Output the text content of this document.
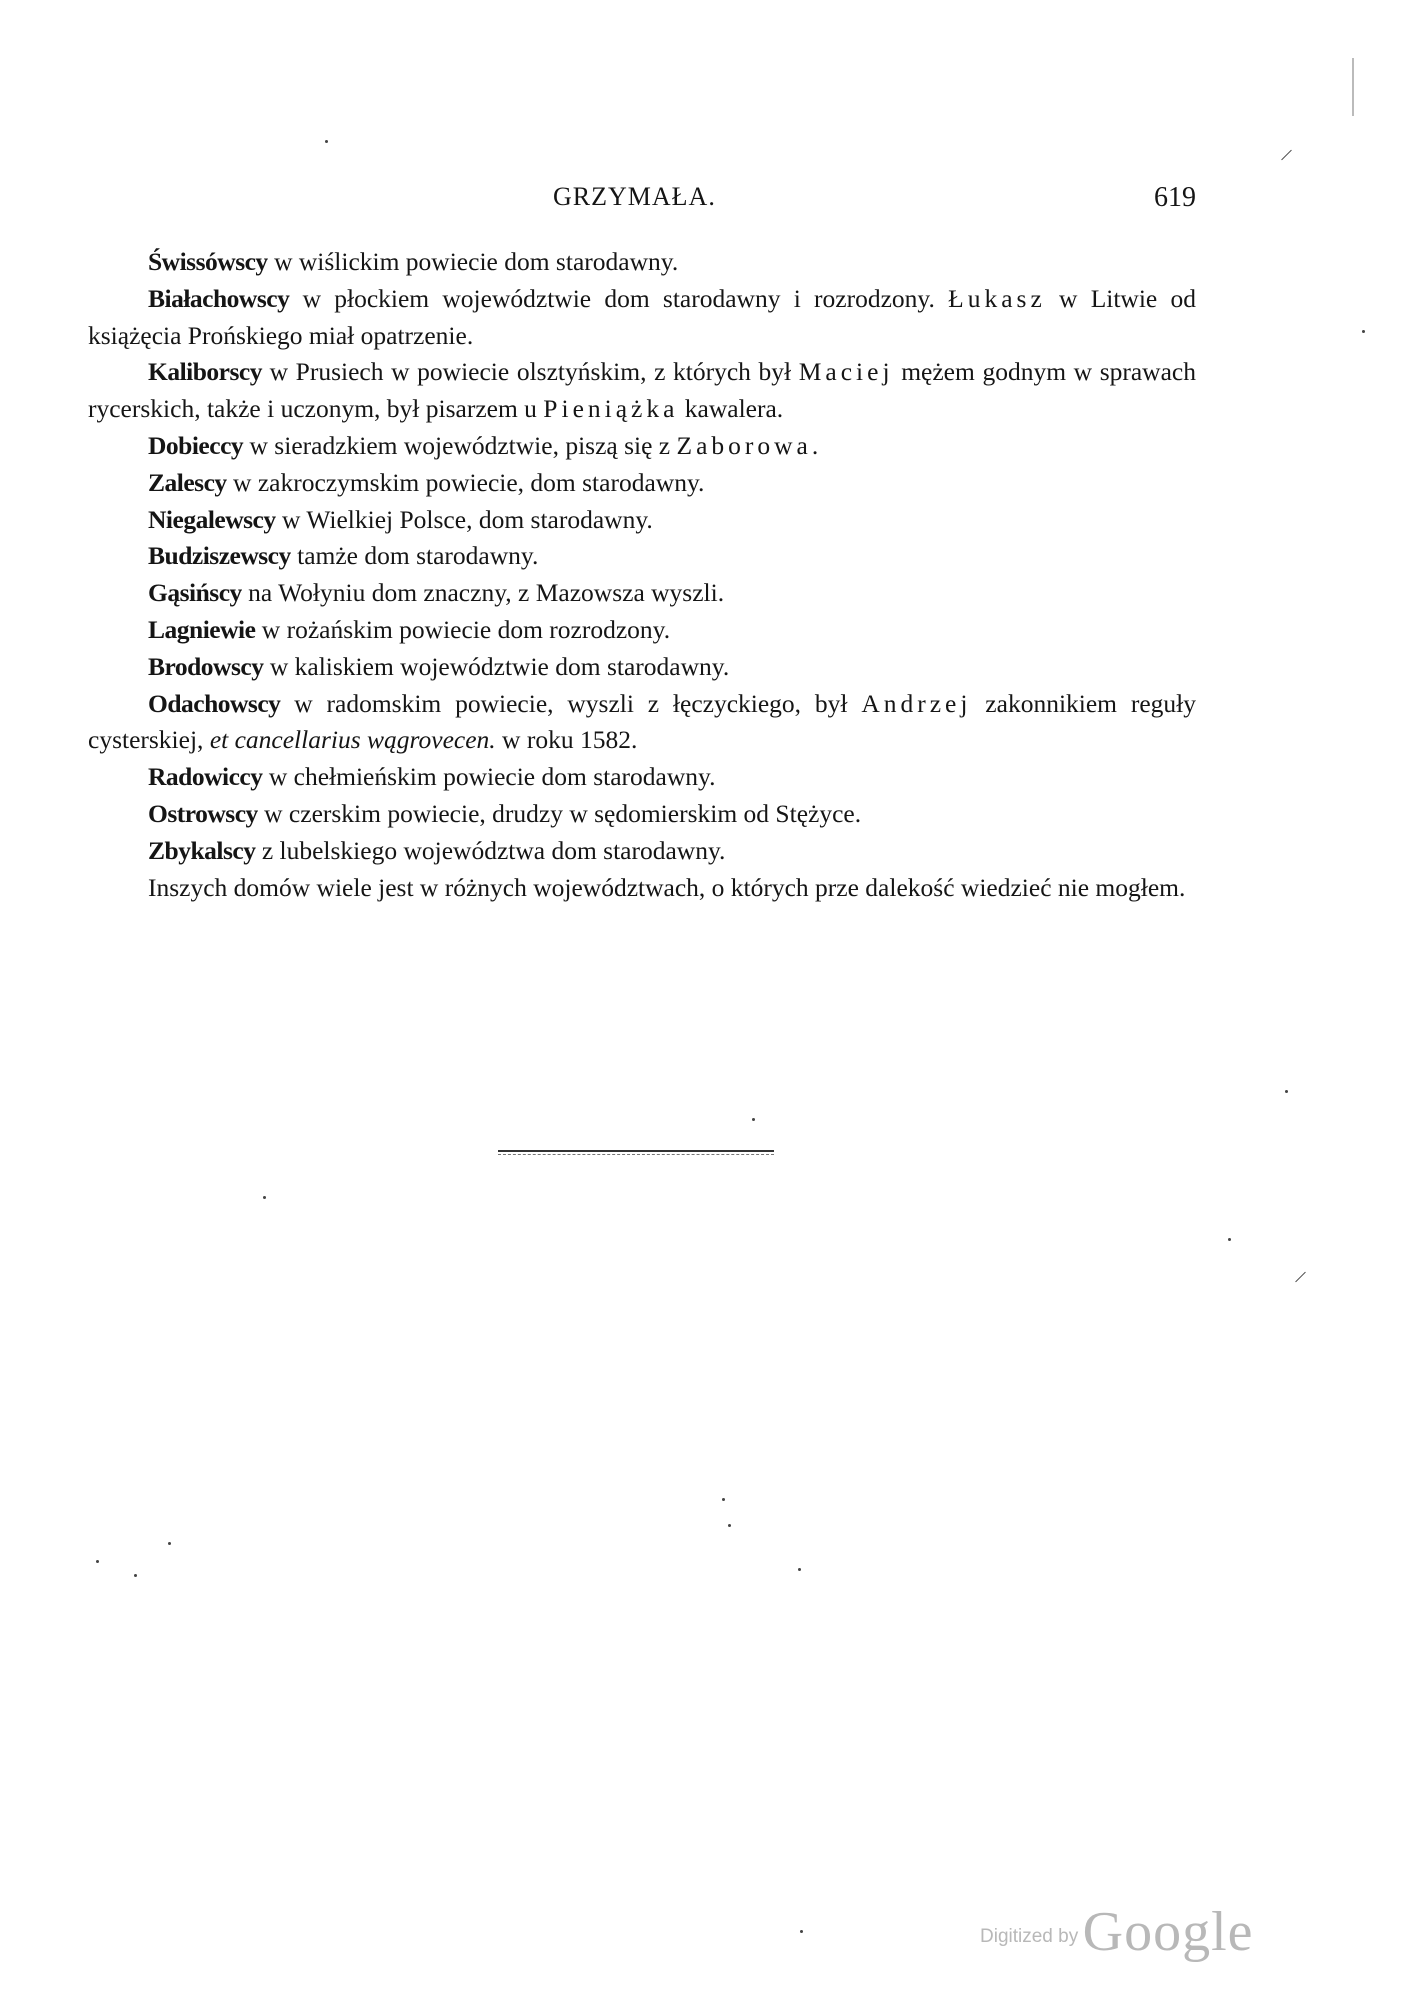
GRZYMAŁA.	619

Świssówscy w wiślickim powiecie dom starodawny.

Białachowscy w płockiem województwie dom starodawny i rozrodzony. Łukasz w Litwie od książęcia Prońskiego miał opatrzenie.

Kaliborscy w Prusiech w powiecie olsztyńskim, z których był Maciej mężem godnym w sprawach rycerskich, także i uczonym, był pisarzem u Pieniążka kawalera.

Dobieccy w sieradzkiem województwie, piszą się z Zaborowa.

Zalescy w zakroczymskim powiecie, dom starodawny.

Niegalewscy w Wielkiej Polsce, dom starodawny.

Budziszewscy tamże dom starodawny.

Gąsińscy na Wołyniu dom znaczny, z Mazowsza wyszli.

Lagniewie w rożańskim powiecie dom rozrodzony.

Brodowscy w kaliskiem województwie dom starodawny.

Odachowscy w radomskim powiecie, wyszli z łęczyckiego, był Andrzej zakonnikiem reguły cysterskiej, et cancellarius wągrovecen. w roku 1582.

Radowiccy w chełmieńskim powiecie dom starodawny.

Ostrowscy w czerskim powiecie, drudzy w sędomierskim od Stężyce.

Zbykalscy z lubelskiego województwa dom starodawny.

Inszych domów wiele jest w różnych województwach, o których prze dalekość wiedzieć nie mogłem.

Digitized by Google
